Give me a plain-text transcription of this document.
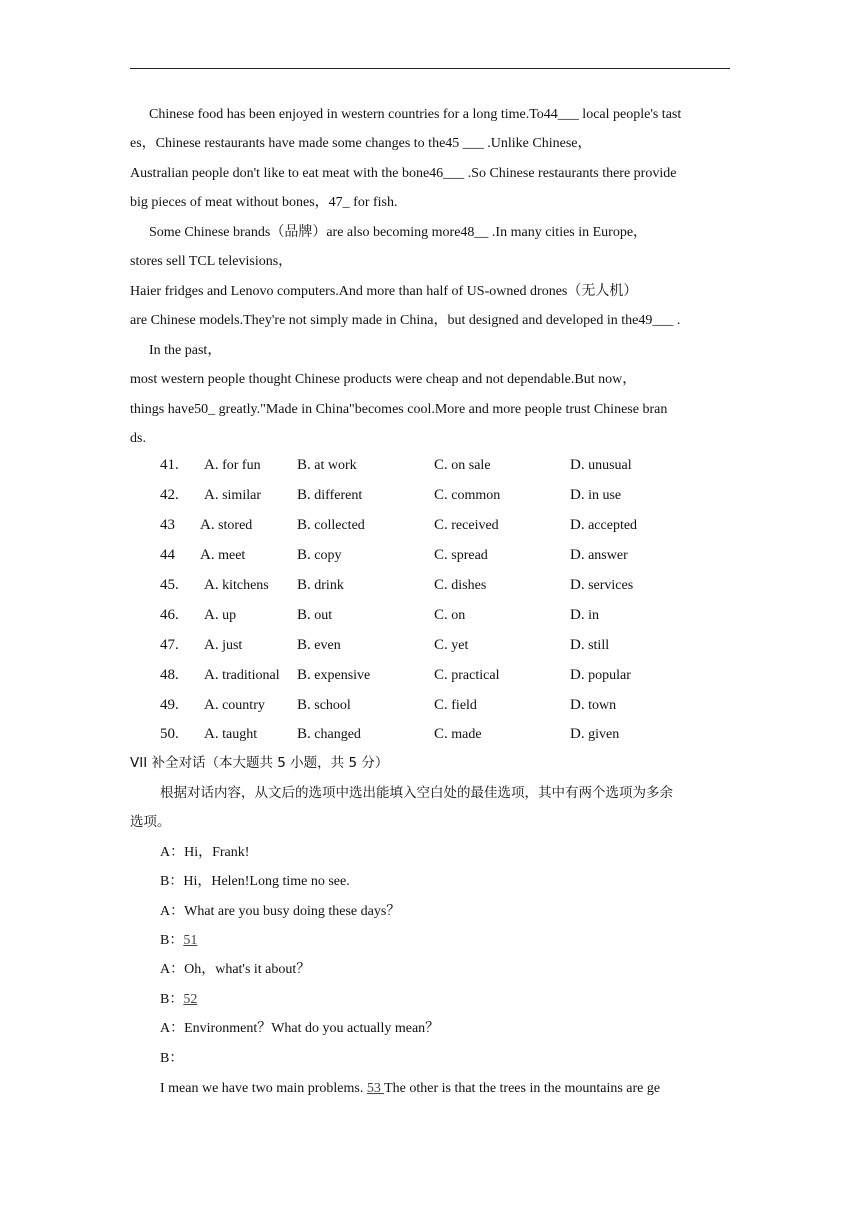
Chinese food has been enjoyed in western countries for a long time.To44___ local people's tast
es，Chinese restaurants have made some changes to the45 ___ .Unlike Chinese，
Australian people don't like to eat meat with the bone46___ .So Chinese restaurants there provide
big pieces of meat without bones，47_ for fish.
Some Chinese brands（品牌）are also becoming more48__ .In many cities in Europe，
stores sell TCL televisions，
Haier fridges and Lenovo computers.And more than half of US-owned drones（无人机）
are Chinese models.They're not simply made in China，but designed and developed in the49___ .
In the past，
most western people thought Chinese products were cheap and not dependable.But now，
things have50_ greatly."Made in China"becomes cool.More and more people trust Chinese bran
ds.
41. A. for fun B. at work	C. on sale	D. unusual
42. A. similar B. different	C. common	D. in use
43 A. stored	B. collected	C. received	D. accepted
44 A. meet	B. copy	C. spread	D. answer
45. A. kitchens B. drink	C. dishes	D. services
46. A. up	B. out	C. on	D. in
47. A. just	B. even	C. yet	D. still
48. A. traditional B. expensive	C. practical	D. popular
49. A. country B. school	C. field	D. town
50. A. taught	B. changed	C. made	D. given
VII 补全对话（本大题共 5 小题，共 5 分）
根据对话内容，从文后的选项中选出能填入空白处的最佳选项，其中有两个选项为多余
选项。
A：Hi，Frank!
B：Hi，Helen!Long time no see.
A：What are you busy doing these days？
B：51
A：Oh，what's it about？
B：52
A：Environment？What do you actually mean？
B：
I mean we have two main problems. 53 The other is that the trees in the mountains are ge
